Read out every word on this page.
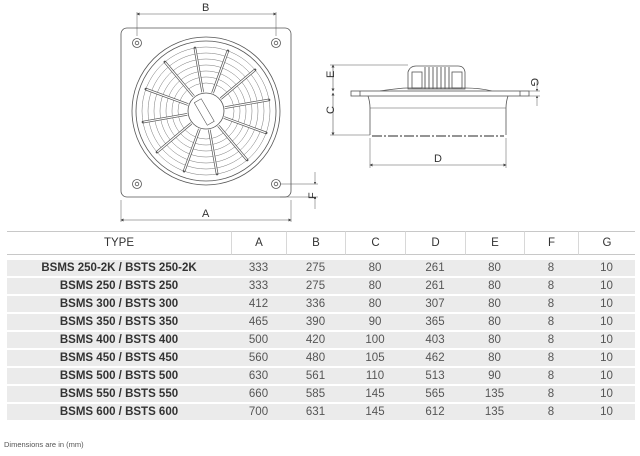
B
A
F
E
C
G
D
TYPE	A	B	C	D	E	F	G

BSMS 250-2K / BSTS 250-2K	333	275	80	261	80	8	10
BSMS 250 / BSTS 250	333	275	80	261	80	8	10
BSMS 300 / BSTS 300	412	336	80	307	80	8	10
BSMS 350 / BSTS 350	465	390	90	365	80	8	10
BSMS 400 / BSTS 400	500	420	100	403	80	8	10
BSMS 450 / BSTS 450	560	480	105	462	80	8	10
BSMS 500 / BSTS 500	630	561	110	513	90	8	10
BSMS 550 / BSTS 550	660	585	145	565	135	8	10
BSMS 600 / BSTS 600	700	631	145	612	135	8	10
Dimensions are in (mm)
